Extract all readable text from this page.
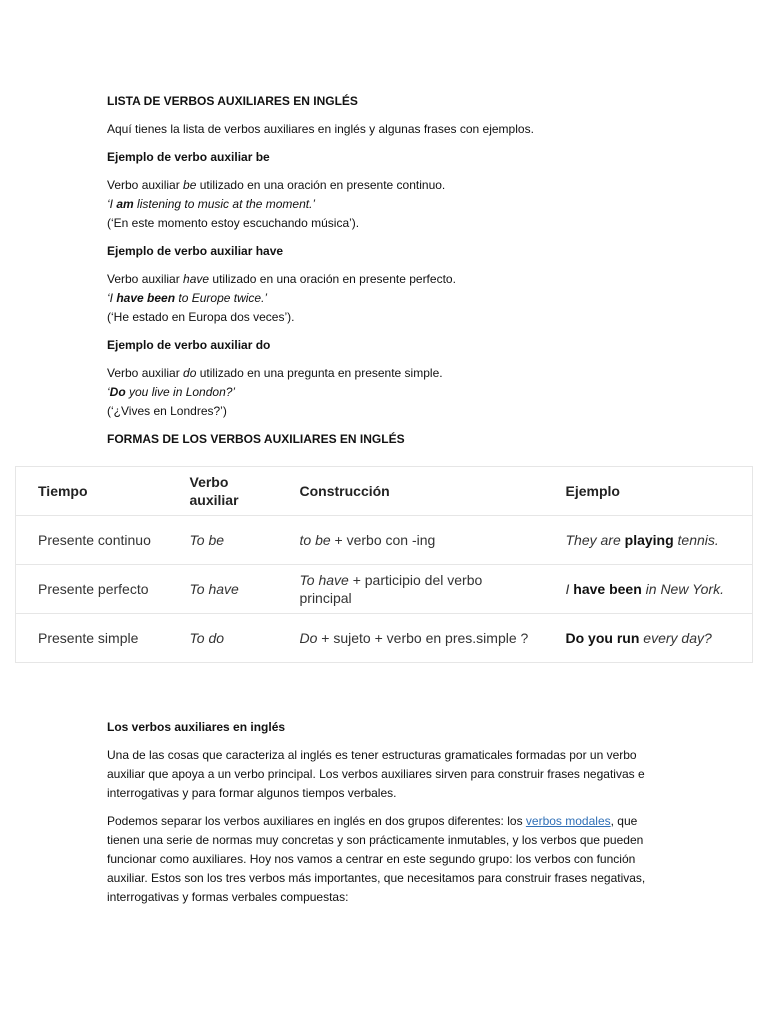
LISTA DE VERBOS AUXILIARES EN INGLÉS

Aquí tienes la lista de verbos auxiliares en inglés y algunas frases con ejemplos.

Ejemplo de verbo auxiliar be

Verbo auxiliar be utilizado en una oración en presente continuo.

‘I am listening to music at the moment.’

(‘En este momento estoy escuchando música’).

Ejemplo de verbo auxiliar have

Verbo auxiliar have utilizado en una oración en presente perfecto.

‘I have been to Europe twice.’

(‘He estado en Europa dos veces’).

Ejemplo de verbo auxiliar do

Verbo auxiliar do utilizado en una pregunta en presente simple.

‘Do you live in London?’

(‘¿Vives en Londres?’)

FORMAS DE LOS VERBOS AUXILIARES EN INGLÉS

Tiempo	Verbo auxiliar	Construcción	Ejemplo
Presente continuo	To be	to be + verbo con -ing	They are playing tennis.
Presente perfecto	To have	To have + participio del verbo principal	I have been in New York.
Presente simple	To do	Do + sujeto + verbo en pres.simple ?	Do you run every day?

Los verbos auxiliares en inglés

Una de las cosas que caracteriza al inglés es tener estructuras gramaticales formadas por un verbo auxiliar que apoya a un verbo principal. Los verbos auxiliares sirven para construir frases negativas e interrogativas y para formar algunos tiempos verbales.

Podemos separar los verbos auxiliares en inglés en dos grupos diferentes: los verbos modales, que tienen una serie de normas muy concretas y son prácticamente inmutables, y los verbos que pueden funcionar como auxiliares. Hoy nos vamos a centrar en este segundo grupo: los verbos con función auxiliar. Estos son los tres verbos más importantes, que necesitamos para construir frases negativas, interrogativas y formas verbales compuestas:
